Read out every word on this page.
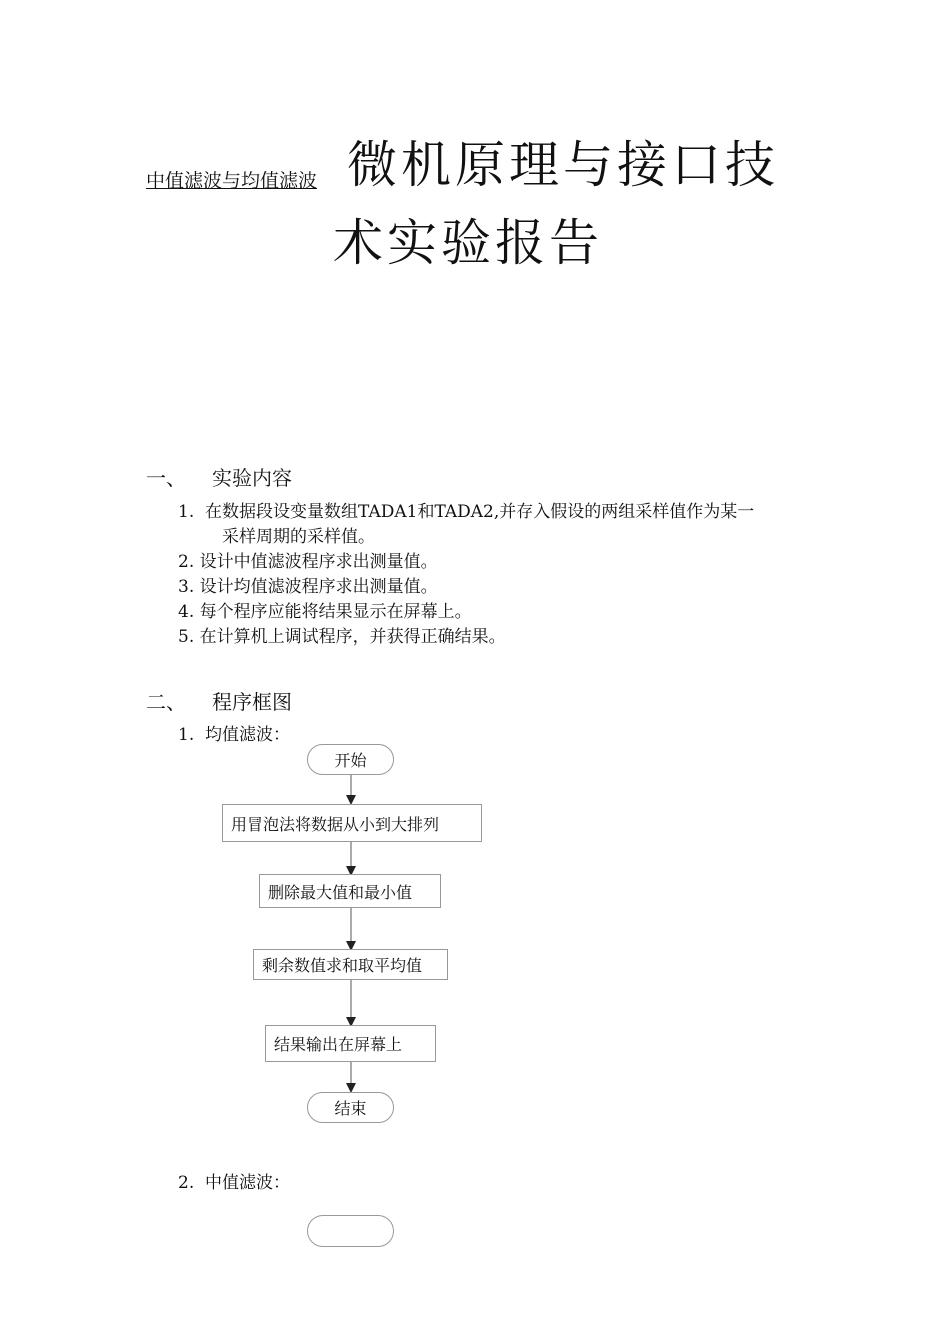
中值滤波与均值滤波 微机原理与接口技
术实验报告
一、 实验内容
1. 在数据段设变量数组TADA1和TADA2,并存入假设的两组采样值作为某一
采样周期的采样值。
2. 设计中值滤波程序求出测量值。
3. 设计均值滤波程序求出测量值。
4. 每个程序应能将结果显示在屏幕上。
5. 在计算机上调试程序，并获得正确结果。
二、 程序框图
1. 均值滤波：
开始
用冒泡法将数据从小到大排列
删除最大值和最小值
剩余数值求和取平均值
结果输出在屏幕上
结束
2. 中值滤波：
